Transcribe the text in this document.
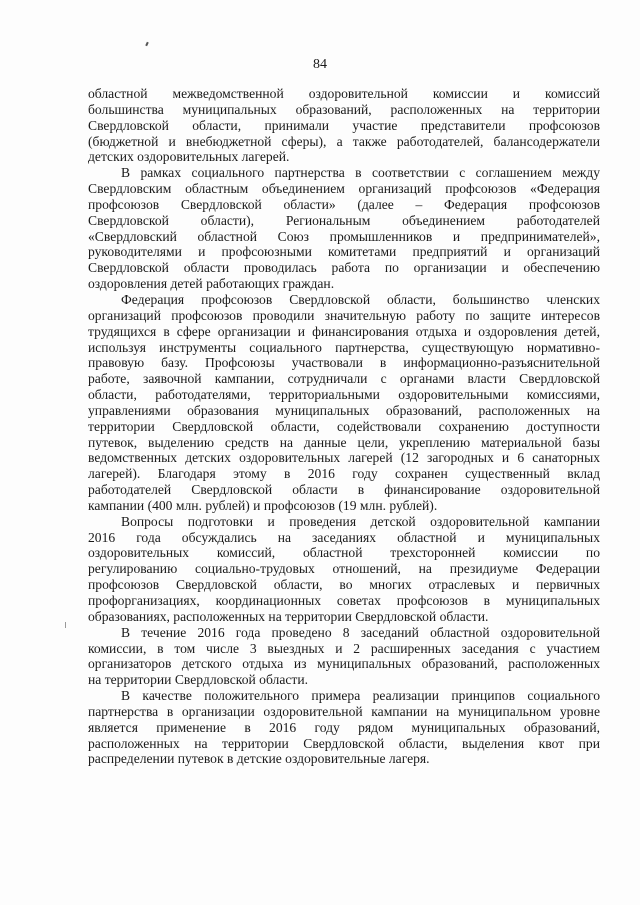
84

областной межведомственной оздоровительной комиссии и комиссий
большинства муниципальных образований, расположенных на территории
Свердловской области, принимали участие представители профсоюзов
(бюджетной и внебюджетной сферы), а также работодателей, балансодержатели
детских оздоровительных лагерей.

В рамках социального партнерства в соответствии с соглашением между
Свердловским областным объединением организаций профсоюзов «Федерация
профсоюзов Свердловской области» (далее – Федерация профсоюзов
Свердловской области), Региональным объединением работодателей
«Свердловский областной Союз промышленников и предпринимателей»,
руководителями и профсоюзными комитетами предприятий и организаций
Свердловской области проводилась работа по организации и обеспечению
оздоровления детей работающих граждан.

Федерация профсоюзов Свердловской области, большинство членских
организаций профсоюзов проводили значительную работу по защите интересов
трудящихся в сфере организации и финансирования отдыха и оздоровления детей,
используя инструменты социального партнерства, существующую нормативно-
правовую базу. Профсоюзы участвовали в информационно-разъяснительной
работе, заявочной кампании, сотрудничали с органами власти Свердловской
области, работодателями, территориальными оздоровительными комиссиями,
управлениями образования муниципальных образований, расположенных на
территории Свердловской области, содействовали сохранению доступности
путевок, выделению средств на данные цели, укреплению материальной базы
ведомственных детских оздоровительных лагерей (12 загородных и 6 санаторных
лагерей). Благодаря этому в 2016 году сохранен существенный вклад
работодателей Свердловской области в финансирование оздоровительной
кампании (400 млн. рублей) и профсоюзов (19 млн. рублей).

Вопросы подготовки и проведения детской оздоровительной кампании
2016 года обсуждались на заседаниях областной и муниципальных
оздоровительных комиссий, областной трехсторонней комиссии по
регулированию социально-трудовых отношений, на президиуме Федерации
профсоюзов Свердловской области, во многих отраслевых и первичных
профорганизациях, координационных советах профсоюзов в муниципальных
образованиях, расположенных на территории Свердловской области.

В течение 2016 года проведено 8 заседаний областной оздоровительной
комиссии, в том числе 3 выездных и 2 расширенных заседания с участием
организаторов детского отдыха из муниципальных образований, расположенных
на территории Свердловской области.

В качестве положительного примера реализации принципов социального
партнерства в организации оздоровительной кампании на муниципальном уровне
является применение в 2016 году рядом муниципальных образований,
расположенных на территории Свердловской области, выделения квот при
распределении путевок в детские оздоровительные лагеря.
